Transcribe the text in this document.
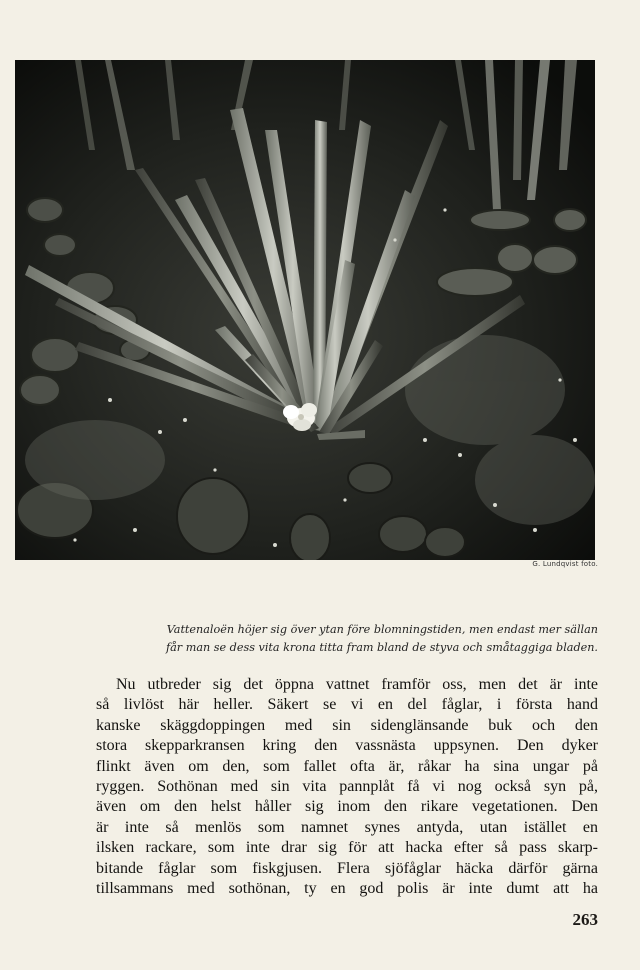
G. Lundqvist foto.
Vattenaloën höjer sig över ytan före blomningstiden, men endast mer sällan
får man se dess vita krona titta fram bland de styva och småtaggiga bladen.
Nu utbreder sig det öppna vattnet framför oss, men det är inte
så livlöst här heller. Säkert se vi en del fåglar, i första hand
kanske skäggdoppingen med sin sidenglänsande buk och den
stora skepparkransen kring den vassnästa uppsynen. Den dyker
flinkt även om den, som fallet ofta är, råkar ha sina ungar på
ryggen. Sothönan med sin vita pannplåt få vi nog också syn på,
även om den helst håller sig inom den rikare vegetationen. Den
är inte så menlös som namnet synes antyda, utan istället en
ilsken rackare, som inte drar sig för att hacka efter så pass skarp-
bitande fåglar som fiskgjusen. Flera sjöfåglar häcka därför gärna
tillsammans med sothönan, ty en god polis är inte dumt att ha
263
